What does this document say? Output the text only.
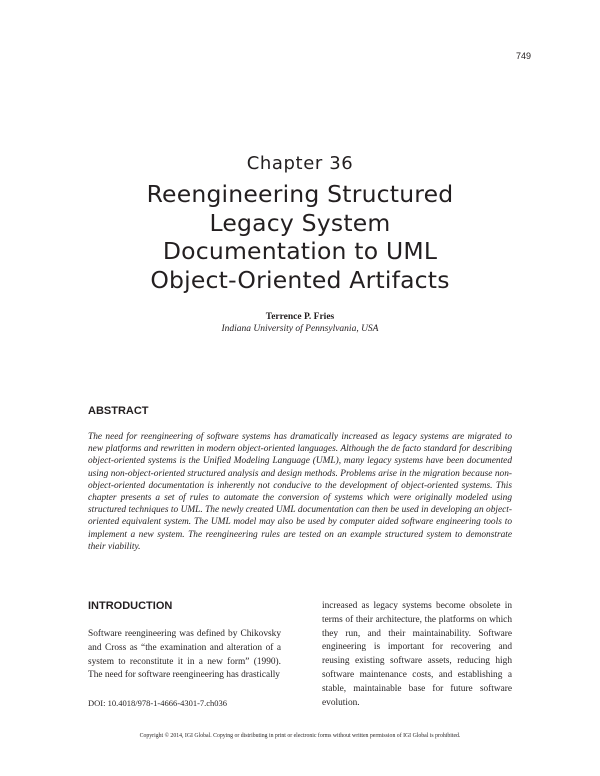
749
Chapter 36
Reengineering Structured
Legacy System
Documentation to UML
Object-Oriented Artifacts
Terrence P. Fries
Indiana University of Pennsylvania, USA
ABSTRACT

The need for reengineering of software systems has dramatically increased as legacy systems are migrated to new platforms and rewritten in modern object-oriented languages. Although the de facto standard for describing object-oriented systems is the Unified Modeling Language (UML), many legacy systems have been documented using non-object-oriented structured analysis and design methods. Problems arise in the migration because non-object-oriented documentation is inherently not conducive to the development of object-oriented systems. This chapter presents a set of rules to automate the conversion of systems which were originally modeled using structured techniques to UML. The newly created UML documentation can then be used in developing an object-oriented equivalent system. The UML model may also be used by computer aided software engineering tools to implement a new system. The reengineering rules are tested on an example structured system to demonstrate their viability.

INTRODUCTION

Software reengineering was defined by Chikovsky and Cross as “the examination and alteration of a system to reconstitute it in a new form” (1990). The need for software reengineering has drastically

increased as legacy systems become obsolete in terms of their architecture, the platforms on which they run, and their maintainability. Software engineering is important for recovering and reusing existing software assets, reducing high software maintenance costs, and establishing a stable, maintainable base for future software evolution.

DOI: 10.4018/978-1-4666-4301-7.ch036
Copyright © 2014, IGI Global. Copying or distributing in print or electronic forms without written permission of IGI Global is prohibited.
